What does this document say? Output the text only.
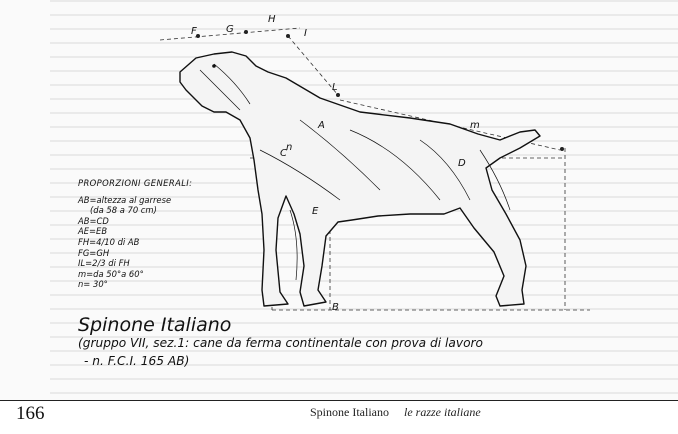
F	G
H
I
L
A
E
D
C
B
m
n
PROPORZIONI GENERALI:
AB=altezza al garrese
(da 58 a 70 cm)
AB=CD
AE=EB
FH=4/10 di AB
FG=GH
IL=2/3 di FH
m=da 50°a 60°
n= 30°
Spinone Italiano
(gruppo VII, sez.1: cane da ferma continentale con prova di lavoro
- n. F.C.I. 165 AB)
166	Spinone Italiano le razze italiane
